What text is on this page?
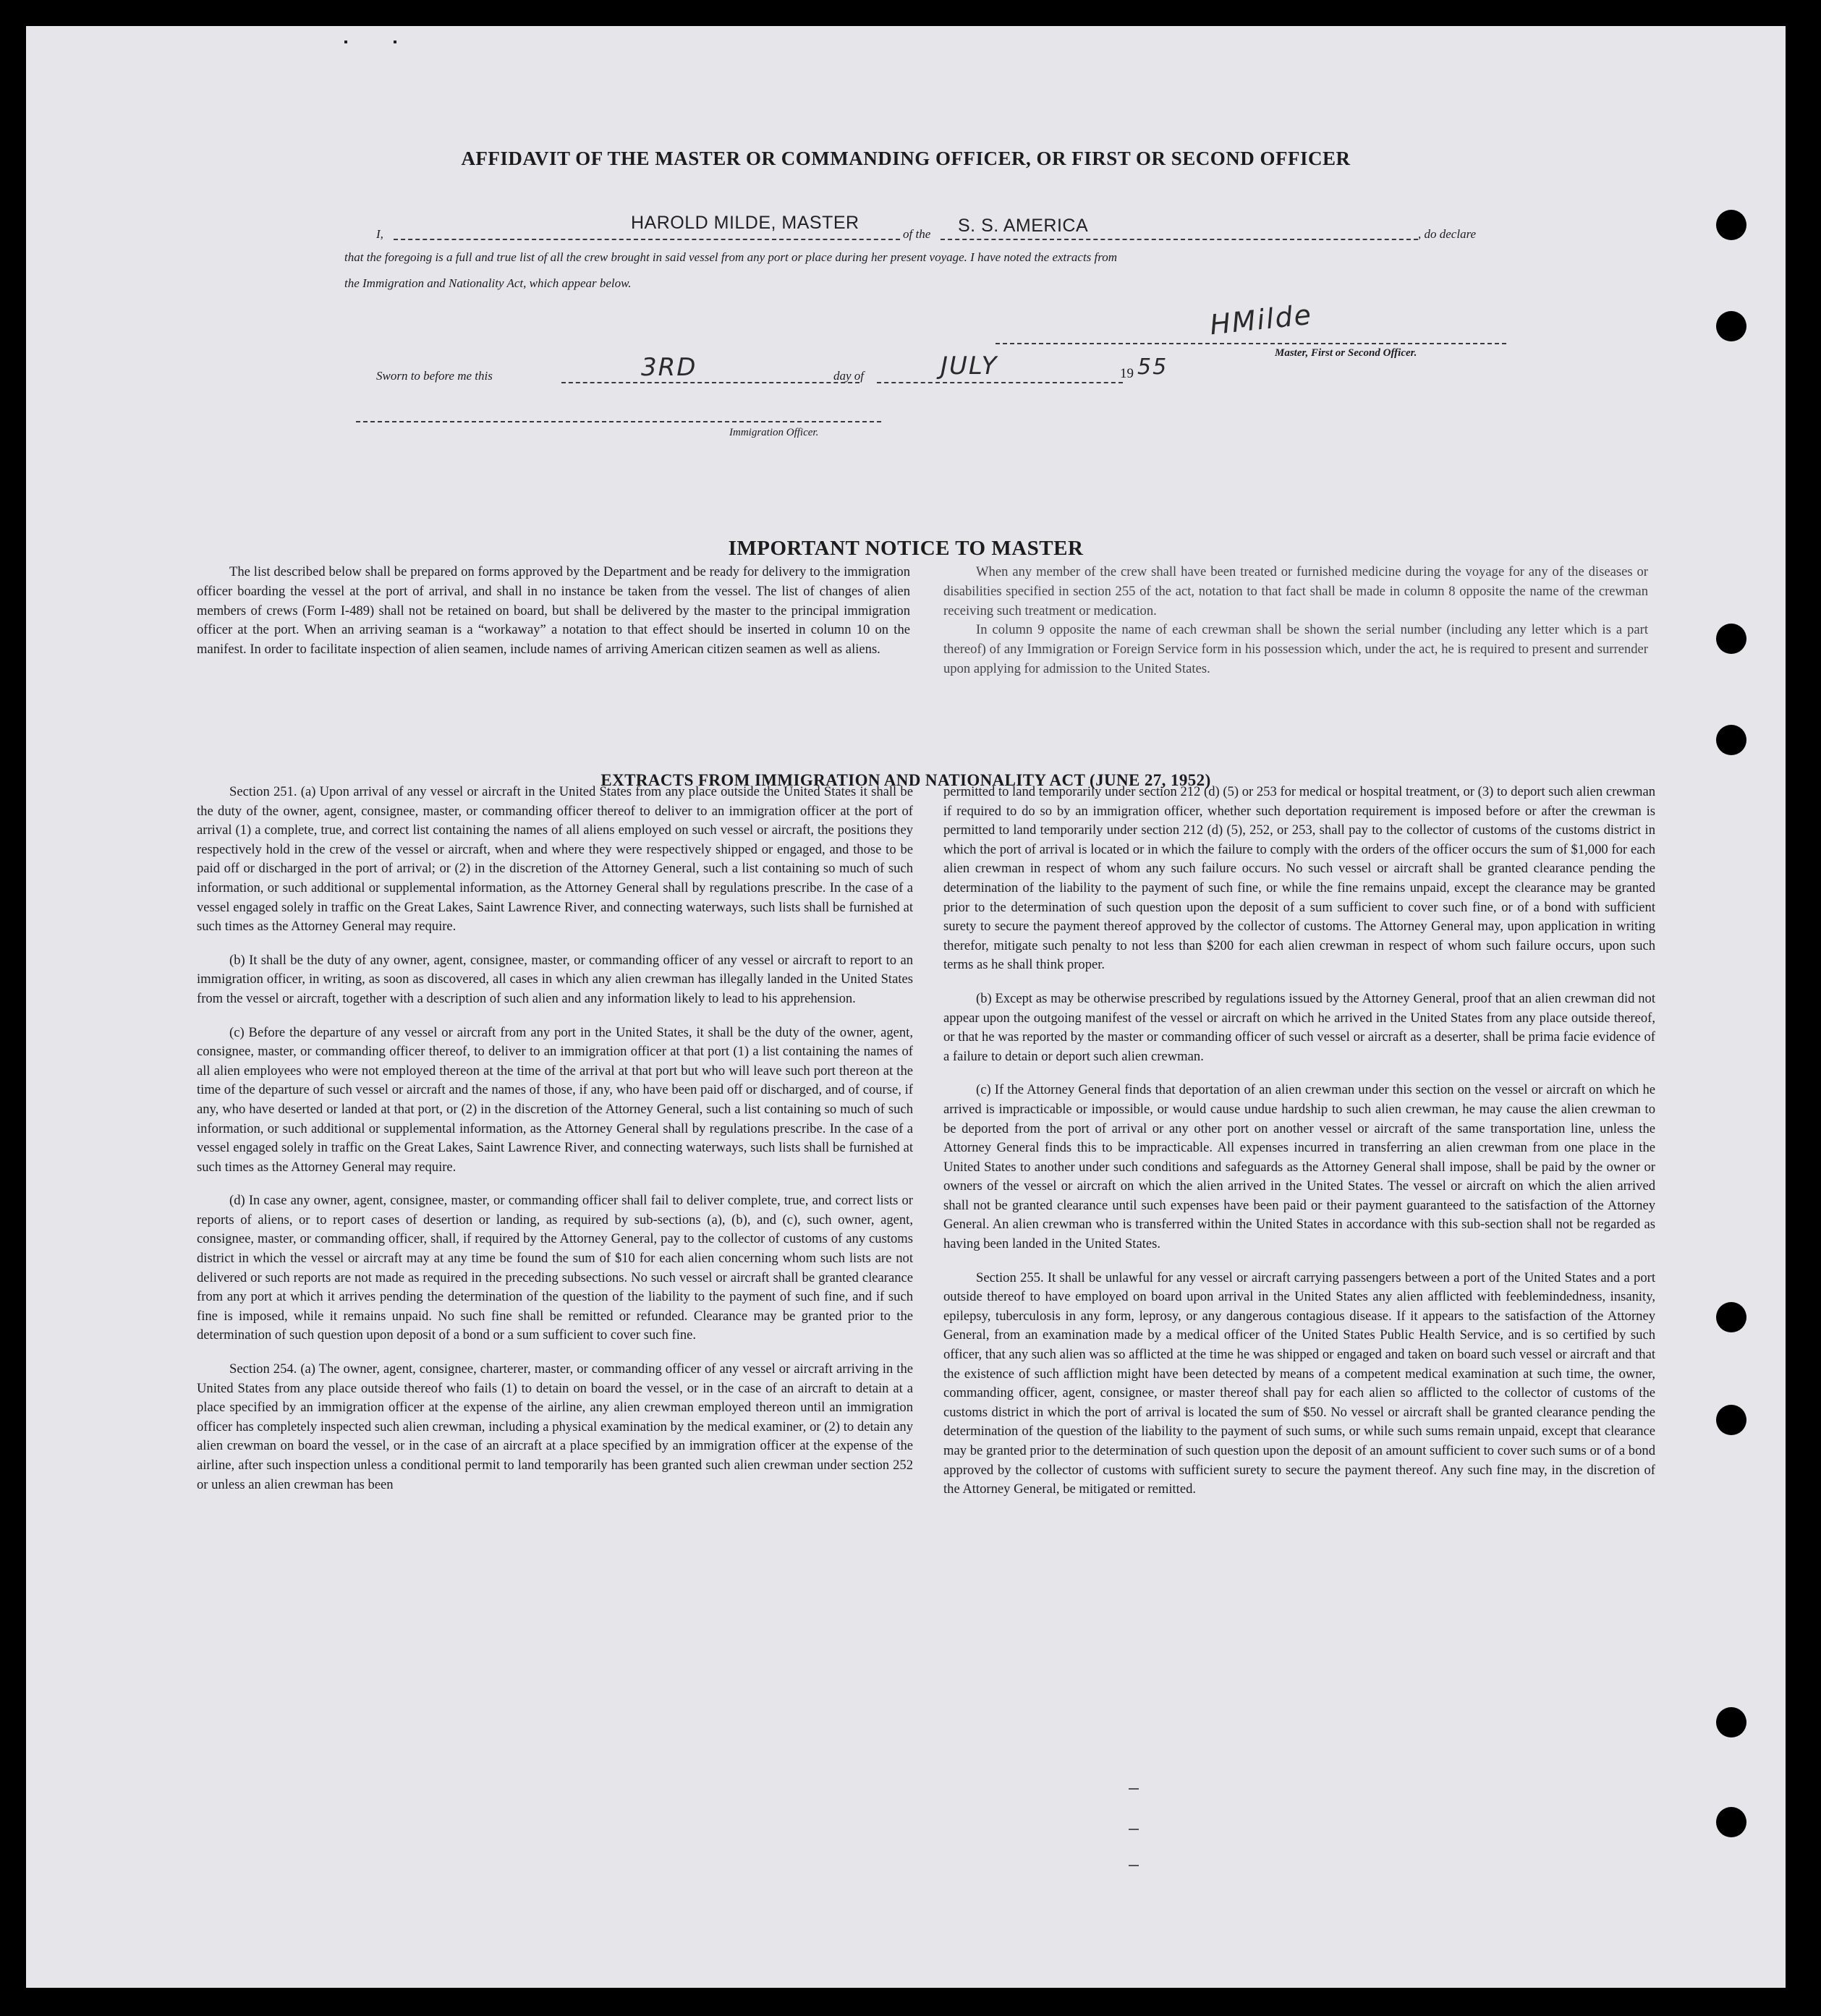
AFFIDAVIT OF THE MASTER OR COMMANDING OFFICER, OR FIRST OR SECOND OFFICER
I,
HAROLD MILDE, MASTER
of the S. S. AMERICA	, do declare
that the foregoing is a full and true list of all the crew brought in said vessel from any port or place during her present voyage. I have noted the extracts from
the Immigration and Nationality Act, which appear below.
HMilde
Master, First or Second Officer.
Sworn to before me this	3RD	day of	JULY	19 55
Immigration Officer.
IMPORTANT NOTICE TO MASTER

The list described below shall be prepared on forms approved by the Department and be ready for delivery to the immigration officer boarding the vessel at the port of arrival, and shall in no instance be taken from the vessel. The list of changes of alien members of crews (Form I-489) shall not be retained on board, but shall be delivered by the master to the principal immigration officer at the port. When an arriving seaman is a “workaway” a notation to that effect should be inserted in column 10 on the manifest. In order to facilitate inspection of alien seamen, include names of arriving American citizen seamen as well as aliens.

When any member of the crew shall have been treated or furnished medicine during the voyage for any of the diseases or disabilities specified in section 255 of the act, notation to that fact shall be made in column 8 opposite the name of the crewman receiving such treatment or medication.

In column 9 opposite the name of each crewman shall be shown the serial number (including any letter which is a part thereof) of any Immigration or Foreign Service form in his possession which, under the act, he is required to present and surrender upon applying for admission to the United States.

EXTRACTS FROM IMMIGRATION AND NATIONALITY ACT (JUNE 27, 1952)

Section 251. (a) Upon arrival of any vessel or aircraft in the United States from any place outside the United States it shall be the duty of the owner, agent, consignee, master, or commanding officer thereof to deliver to an immigration officer at the port of arrival (1) a complete, true, and correct list containing the names of all aliens employed on such vessel or aircraft, the positions they respectively hold in the crew of the vessel or aircraft, when and where they were respectively shipped or engaged, and those to be paid off or discharged in the port of arrival; or (2) in the discretion of the Attorney General, such a list containing so much of such information, or such additional or supplemental information, as the Attorney General shall by regulations prescribe. In the case of a vessel engaged solely in traffic on the Great Lakes, Saint Lawrence River, and connecting waterways, such lists shall be furnished at such times as the Attorney General may require.

(b) It shall be the duty of any owner, agent, consignee, master, or commanding officer of any vessel or aircraft to report to an immigration officer, in writing, as soon as discovered, all cases in which any alien crewman has illegally landed in the United States from the vessel or aircraft, together with a description of such alien and any information likely to lead to his apprehension.

(c) Before the departure of any vessel or aircraft from any port in the United States, it shall be the duty of the owner, agent, consignee, master, or commanding officer thereof, to deliver to an immigration officer at that port (1) a list containing the names of all alien employees who were not employed thereon at the time of the arrival at that port but who will leave such port thereon at the time of the departure of such vessel or aircraft and the names of those, if any, who have been paid off or discharged, and of course, if any, who have deserted or landed at that port, or (2) in the discretion of the Attorney General, such a list containing so much of such information, or such additional or supplemental information, as the Attorney General shall by regulations prescribe. In the case of a vessel engaged solely in traffic on the Great Lakes, Saint Lawrence River, and connecting waterways, such lists shall be furnished at such times as the Attorney General may require.

(d) In case any owner, agent, consignee, master, or commanding officer shall fail to deliver complete, true, and correct lists or reports of aliens, or to report cases of desertion or landing, as required by sub-sections (a), (b), and (c), such owner, agent, consignee, master, or commanding officer, shall, if required by the Attorney General, pay to the collector of customs of any customs district in which the vessel or aircraft may at any time be found the sum of $10 for each alien concerning whom such lists are not delivered or such reports are not made as required in the preceding subsections. No such vessel or aircraft shall be granted clearance from any port at which it arrives pending the determination of the question of the liability to the payment of such fine, and if such fine is imposed, while it remains unpaid. No such fine shall be remitted or refunded. Clearance may be granted prior to the determination of such question upon deposit of a bond or a sum sufficient to cover such fine.

Section 254. (a) The owner, agent, consignee, charterer, master, or commanding officer of any vessel or aircraft arriving in the United States from any place outside thereof who fails (1) to detain on board the vessel, or in the case of an aircraft to detain at a place specified by an immigration officer at the expense of the airline, any alien crewman employed thereon until an immigration officer has completely inspected such alien crewman, including a physical examination by the medical examiner, or (2) to detain any alien crewman on board the vessel, or in the case of an aircraft at a place specified by an immigration officer at the expense of the airline, after such inspection unless a conditional permit to land temporarily has been granted such alien crewman under section 252 or unless an alien crewman has been

permitted to land temporarily under section 212 (d) (5) or 253 for medical or hospital treatment, or (3) to deport such alien crewman if required to do so by an immigration officer, whether such deportation requirement is imposed before or after the crewman is permitted to land temporarily under section 212 (d) (5), 252, or 253, shall pay to the collector of customs of the customs district in which the port of arrival is located or in which the failure to comply with the orders of the officer occurs the sum of $1,000 for each alien crewman in respect of whom any such failure occurs. No such vessel or aircraft shall be granted clearance pending the determination of the liability to the payment of such fine, or while the fine remains unpaid, except the clearance may be granted prior to the determination of such question upon the deposit of a sum sufficient to cover such fine, or of a bond with sufficient surety to secure the payment thereof approved by the collector of customs. The Attorney General may, upon application in writing therefor, mitigate such penalty to not less than $200 for each alien crewman in respect of whom such failure occurs, upon such terms as he shall think proper.

(b) Except as may be otherwise prescribed by regulations issued by the Attorney General, proof that an alien crewman did not appear upon the outgoing manifest of the vessel or aircraft on which he arrived in the United States from any place outside thereof, or that he was reported by the master or commanding officer of such vessel or aircraft as a deserter, shall be prima facie evidence of a failure to detain or deport such alien crewman.

(c) If the Attorney General finds that deportation of an alien crewman under this section on the vessel or aircraft on which he arrived is impracticable or impossible, or would cause undue hardship to such alien crewman, he may cause the alien crewman to be deported from the port of arrival or any other port on another vessel or aircraft of the same transportation line, unless the Attorney General finds this to be impracticable. All expenses incurred in transferring an alien crewman from one place in the United States to another under such conditions and safeguards as the Attorney General shall impose, shall be paid by the owner or owners of the vessel or aircraft on which the alien arrived in the United States. The vessel or aircraft on which the alien arrived shall not be granted clearance until such expenses have been paid or their payment guaranteed to the satisfaction of the Attorney General. An alien crewman who is transferred within the United States in accordance with this sub-section shall not be regarded as having been landed in the United States.

Section 255. It shall be unlawful for any vessel or aircraft carrying passengers between a port of the United States and a port outside thereof to have employed on board upon arrival in the United States any alien afflicted with feeblemindedness, insanity, epilepsy, tuberculosis in any form, leprosy, or any dangerous contagious disease. If it appears to the satisfaction of the Attorney General, from an examination made by a medical officer of the United States Public Health Service, and is so certified by such officer, that any such alien was so afflicted at the time he was shipped or engaged and taken on board such vessel or aircraft and that the existence of such affliction might have been detected by means of a competent medical examination at such time, the owner, commanding officer, agent, consignee, or master thereof shall pay for each alien so afflicted to the collector of customs of the customs district in which the port of arrival is located the sum of $50. No vessel or aircraft shall be granted clearance pending the determination of the question of the liability to the payment of such sums, or while such sums remain unpaid, except that clearance may be granted prior to the determination of such question upon the deposit of an amount sufficient to cover such sums or of a bond approved by the collector of customs with sufficient surety to secure the payment thereof. Any such fine may, in the discretion of the Attorney General, be mitigated or remitted.
